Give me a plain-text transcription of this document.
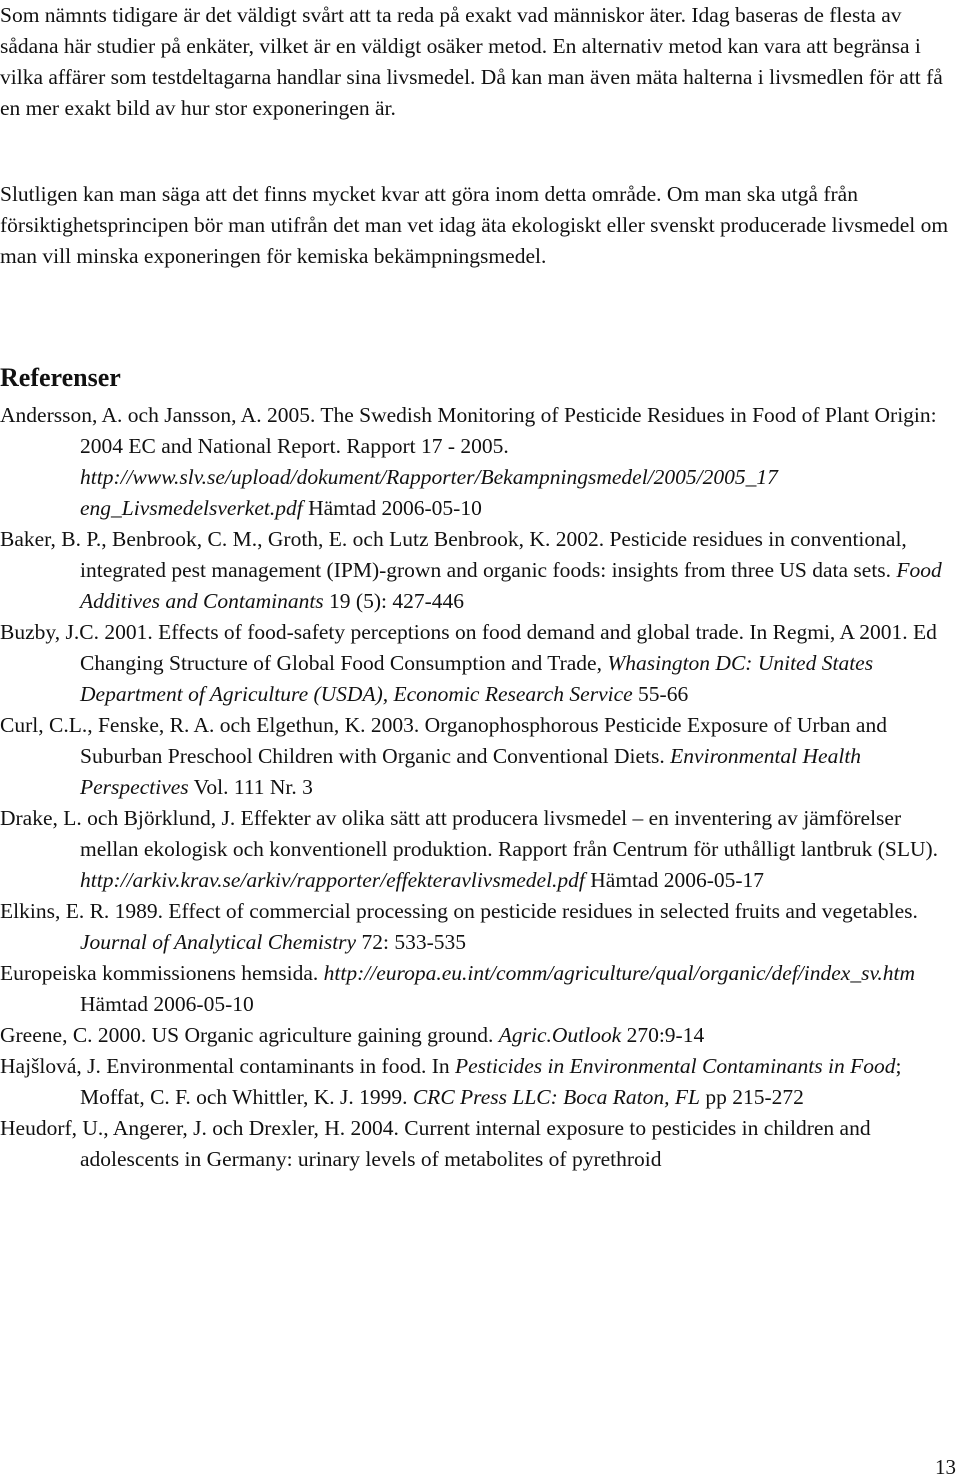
Som nämnts tidigare är det väldigt svårt att ta reda på exakt vad människor äter. Idag baseras de flesta av sådana här studier på enkäter, vilket är en väldigt osäker metod. En alternativ metod kan vara att begränsa i vilka affärer som testdeltagarna handlar sina livsmedel. Då kan man även mäta halterna i livsmedlen för att få en mer exakt bild av hur stor exponeringen är.

Slutligen kan man säga att det finns mycket kvar att göra inom detta område. Om man ska utgå från försiktighetsprincipen bör man utifrån det man vet idag äta ekologiskt eller svenskt producerade livsmedel om man vill minska exponeringen för kemiska bekämpningsmedel.

Referenser

Andersson, A. och Jansson, A. 2005. The Swedish Monitoring of Pesticide Residues in Food of Plant Origin: 2004 EC and National Report. Rapport 17 - 2005. http://www.slv.se/upload/dokument/Rapporter/Bekampningsmedel/2005/2005_17 eng_Livsmedelsverket.pdf Hämtad 2006-05-10

Baker, B. P., Benbrook, C. M., Groth, E. och Lutz Benbrook, K. 2002. Pesticide residues in conventional, integrated pest management (IPM)-grown and organic foods: insights from three US data sets. Food Additives and Contaminants 19 (5): 427-446

Buzby, J.C. 2001. Effects of food-safety perceptions on food demand and global trade. In Regmi, A 2001. Ed Changing Structure of Global Food Consumption and Trade, Whasington DC: United States Department of Agriculture (USDA), Economic Research Service 55-66

Curl, C.L., Fenske, R. A. och Elgethun, K. 2003. Organophosphorous Pesticide Exposure of Urban and Suburban Preschool Children with Organic and Conventional Diets. Environmental Health Perspectives Vol. 111 Nr. 3

Drake, L. och Björklund, J. Effekter av olika sätt att producera livsmedel – en inventering av jämförelser mellan ekologisk och konventionell produktion. Rapport från Centrum för uthålligt lantbruk (SLU). http://arkiv.krav.se/arkiv/rapporter/effekteravlivsmedel.pdf Hämtad 2006-05-17

Elkins, E. R. 1989. Effect of commercial processing on pesticide residues in selected fruits and vegetables. Journal of Analytical Chemistry 72: 533-535

Europeiska kommissionens hemsida. http://europa.eu.int/comm/agriculture/qual/organic/def/index_sv.htm Hämtad 2006-05-10

Greene, C. 2000. US Organic agriculture gaining ground. Agric.Outlook 270:9-14

Hajšlová, J. Environmental contaminants in food. In Pesticides in Environmental Contaminants in Food; Moffat, C. F. och Whittler, K. J. 1999. CRC Press LLC: Boca Raton, FL pp 215-272

Heudorf, U., Angerer, J. och Drexler, H. 2004. Current internal exposure to pesticides in children and adolescents in Germany: urinary levels of metabolites of pyrethroid

13
